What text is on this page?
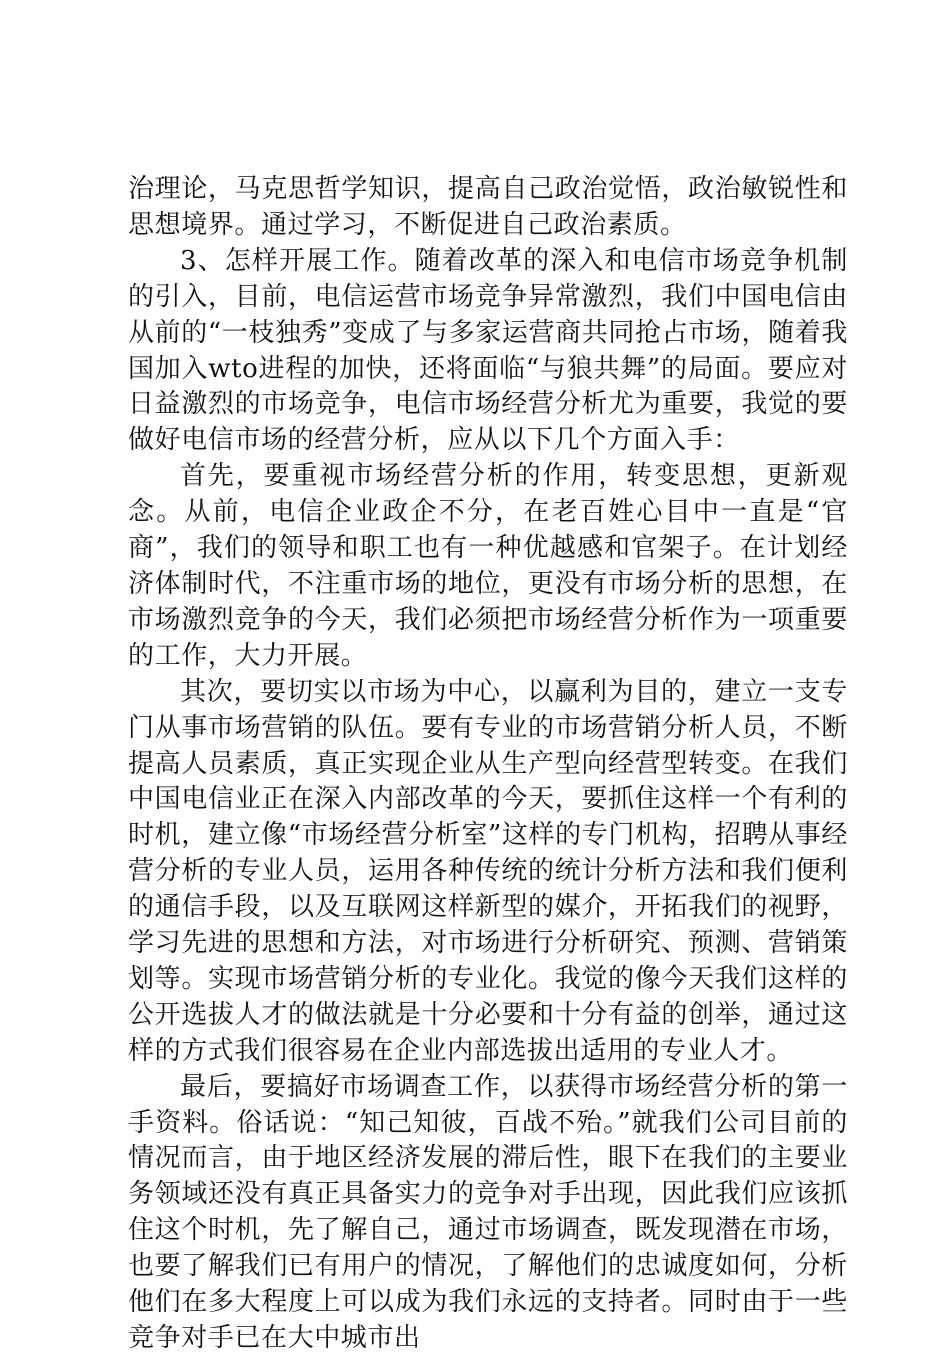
治理论，马克思哲学知识，提高自己政治觉悟，政治敏锐性和思想境界。通过学习，不断促进自己政治素质。

3、怎样开展工作。随着改革的深入和电信市场竞争机制的引入，目前，电信运营市场竞争异常激烈，我们中国电信由从前的“一枝独秀”变成了与多家运营商共同抢占市场，随着我国加入wto进程的加快，还将面临“与狼共舞”的局面。要应对日益激烈的市场竞争，电信市场经营分析尤为重要，我觉的要做好电信市场的经营分析，应从以下几个方面入手：

首先，要重视市场经营分析的作用，转变思想，更新观念。从前，电信企业政企不分，在老百姓心目中一直是“官商”，我们的领导和职工也有一种优越感和官架子。在计划经济体制时代，不注重市场的地位，更没有市场分析的思想，在市场激烈竞争的今天，我们必须把市场经营分析作为一项重要的工作，大力开展。

其次，要切实以市场为中心，以赢利为目的，建立一支专门从事市场营销的队伍。要有专业的市场营销分析人员，不断提高人员素质，真正实现企业从生产型向经营型转变。在我们中国电信业正在深入内部改革的今天，要抓住这样一个有利的时机，建立像“市场经营分析室”这样的专门机构，招聘从事经营分析的专业人员，运用各种传统的统计分析方法和我们便利的通信手段，以及互联网这样新型的媒介，开拓我们的视野，学习先进的思想和方法，对市场进行分析研究、预测、营销策划等。实现市场营销分析的专业化。我觉的像今天我们这样的公开选拔人才的做法就是十分必要和十分有益的创举，通过这样的方式我们很容易在企业内部选拔出适用的专业人才。

最后，要搞好市场调查工作，以获得市场经营分析的第一手资料。俗话说：“知己知彼，百战不殆。”就我们公司目前的情况而言，由于地区经济发展的滞后性，眼下在我们的主要业务领域还没有真正具备实力的竞争对手出现，因此我们应该抓住这个时机，先了解自己，通过市场调查，既发现潜在市场，也要了解我们已有用户的情况，了解他们的忠诚度如何，分析他们在多大程度上可以成为我们永远的支持者。同时由于一些竞争对手已在大中城市出
